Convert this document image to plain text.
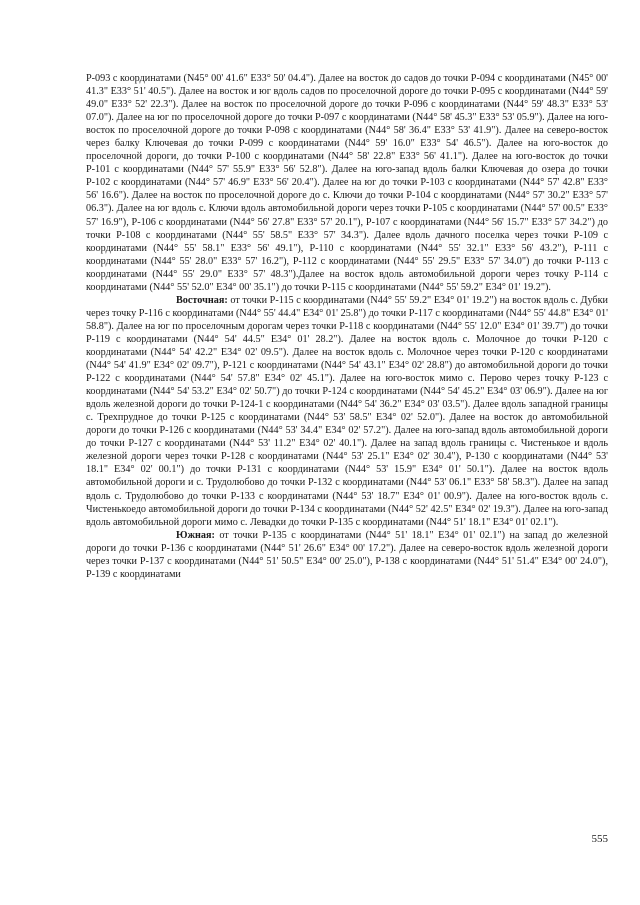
Р-093 с координатами (N45° 00' 41.6" E33° 50' 04.4"). Далее на восток до садов до точки Р-094 с координатами (N45° 00' 41.3" E33° 51' 40.5"). Далее на восток и юг вдоль садов по проселочной дороге до точки Р-095 с координатами (N44° 59' 49.0" E33° 52' 22.3"). Далее на восток по проселочной дороге до точки Р-096 с координатами (N44° 59' 48.3" E33° 53' 07.0"). Далее на юг по проселочной дороге до точки Р-097 с координатами (N44° 58' 45.3" E33° 53' 05.9"). Далее на юго-восток по проселочной дороге до точки Р-098 с координатами (N44° 58' 36.4" E33° 53' 41.9"). Далее на северо-восток через балку Ключевая до точки Р-099 с координатами (N44° 59' 16.0" E33° 54' 46.5"). Далее на юго-восток до проселочной дороги, до точки Р-100 с координатами (N44° 58' 22.8" E33° 56' 41.1"). Далее на юго-восток до точки Р-101 с координатами (N44° 57' 55.9" E33° 56' 52.8"). Далее на юго-запад вдоль балки Ключевая до озера до точки Р-102 с координатами (N44° 57' 46.9" E33° 56' 20.4"). Далее на юг до точки Р-103 с координатами (N44° 57' 42.8" E33° 56' 16.6"). Далее на восток по проселочной дороге до с. Ключи до точки Р-104 с координатами (N44° 57' 30.2" E33° 57' 06.3"). Далее на юг вдоль с. Ключи вдоль автомобильной дороги через точки Р-105 с координатами (N44° 57' 00.5" E33° 57' 16.9"), Р-106 с координатами (N44° 56' 27.8" E33° 57' 20.1"), Р-107 с координатами (N44° 56' 15.7" E33° 57' 34.2") до точки Р-108 с координатами (N44° 55' 58.5" E33° 57' 34.3"). Далее вдоль дачного поселка через точки Р-109 с координатами (N44° 55' 58.1" E33° 56' 49.1"), Р-110 с координатами (N44° 55' 32.1" E33° 56' 43.2"), Р-111 с координатами (N44° 55' 28.0" E33° 57' 16.2"), Р-112 с координатами (N44° 55' 29.5" E33° 57' 34.0") до точки Р-113 с координатами (N44° 55' 29.0" E33° 57' 48.3").Далее на восток вдоль автомобильной дороги через точку Р-114 с координатами (N44° 55' 52.0" E34° 00' 35.1") до точки Р-115 с координатами (N44° 55' 59.2" E34° 01' 19.2").

Восточная: от точки Р-115 с координатами (N44° 55' 59.2" E34° 01' 19.2") на восток вдоль с. Дубки через точку Р-116 с координатами (N44° 55' 44.4" E34° 01' 25.8") до точки Р-117 с координатами (N44° 55' 44.8" E34° 01' 58.8"). Далее на юг по проселочным дорогам через точки Р-118 с координатами (N44° 55' 12.0" E34° 01' 39.7") до точки Р-119 с координатами (N44° 54' 44.5" E34° 01' 28.2"). Далее на восток вдоль с. Молочное до точки Р-120 с координатами (N44° 54' 42.2" E34° 02' 09.5"). Далее на восток вдоль с. Молочное через точки Р-120 с координатами (N44° 54' 41.9" E34° 02' 09.7"), Р-121 с координатами (N44° 54' 43.1" E34° 02' 28.8") до автомобильной дороги до точки Р-122 с координатами (N44° 54' 57.8" E34° 02' 45.1"). Далее на юго-восток мимо с. Перово через точку Р-123 с координатами (N44° 54' 53.2" E34° 02' 50.7") до точки Р-124 с координатами (N44° 54' 45.2" E34° 03' 06.9"). Далее на юг вдоль железной дороги до точки Р-124-1 с координатами (N44° 54' 36.2" E34° 03' 03.5"). Далее вдоль западной границы с. Трехпрудное до точки Р-125 с координатами (N44° 53' 58.5" E34° 02' 52.0"). Далее на восток до автомобильной дороги до точки Р-126 с координатами (N44° 53' 34.4" E34° 02' 57.2"). Далее на юго-запад вдоль автомобильной дороги до точки Р-127 с координатами (N44° 53' 11.2" E34° 02' 40.1"). Далее на запад вдоль границы с. Чистенькое и вдоль железной дороги через точки Р-128 с координатами (N44° 53' 25.1" E34° 02' 30.4"), Р-130 с координатами (N44° 53' 18.1" E34° 02' 00.1") до точки Р-131 с координатами (N44° 53' 15.9" E34° 01' 50.1"). Далее на восток вдоль автомобильной дороги и с. Трудолюбово до точки Р-132 с координатами (N44° 53' 06.1" E33° 58' 58.3"). Далее на запад вдоль с. Трудолюбово до точки Р-133 с координатами (N44° 53' 18.7" E34° 01' 00.9"). Далее на юго-восток вдоль с. Чистенькоедо автомобильной дороги до точки Р-134 с координатами (N44° 52' 42.5" E34° 02' 19.3"). Далее на юго-запад вдоль автомобильной дороги мимо с. Левадки до точки Р-135 с координатами (N44° 51' 18.1" E34° 01' 02.1").

Южная: от точки Р-135 с координатами (N44° 51' 18.1" E34° 01' 02.1") на запад до железной дороги до точки Р-136 с координатами (N44° 51' 26.6" E34° 00' 17.2"). Далее на северо-восток вдоль железной дороги через точки Р-137 с координатами (N44° 51' 50.5" E34° 00' 25.0"), Р-138 с координатами (N44° 51' 51.4" E34° 00' 24.0"), Р-139 с координатами

555
